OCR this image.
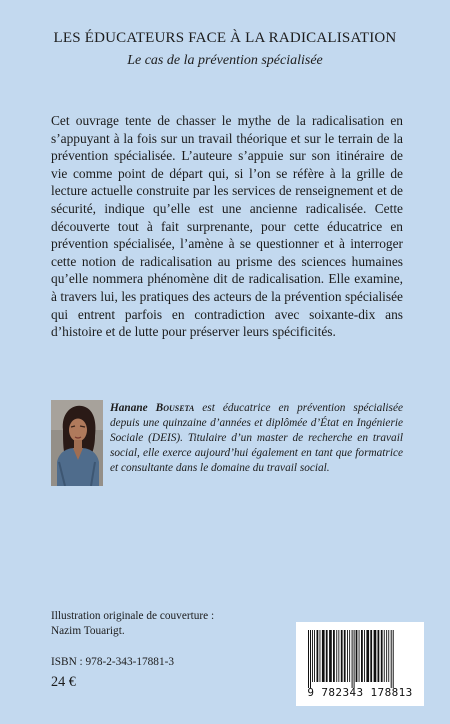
LES ÉDUCATEURS FACE À LA RADICALISATION
Le cas de la prévention spécialisée
Cet ouvrage tente de chasser le mythe de la radicalisation en s’appuyant à la fois sur un travail théorique et sur le terrain de la prévention spécialisée. L’auteure s’appuie sur son itinéraire de vie comme point de départ qui, si l’on se réfère à la grille de lecture actuelle construite par les services de renseignement et de sécurité, indique qu’elle est une ancienne radicalisée. Cette découverte tout à fait surprenante, pour cette éducatrice en prévention spécialisée, l’amène à se questionner et à interroger cette notion de radicalisation au prisme des sciences humaines qu’elle nommera phénomène dit de radicalisation. Elle examine, à travers lui, les pratiques des acteurs de la prévention spécialisée qui entrent parfois en contradiction avec soixante-dix ans d’histoire et de lutte pour préserver leurs spécificités.
Hanane Bouseta est éducatrice en prévention spécialisée depuis une quinzaine d’années et diplômée d’État en Ingénierie Sociale (DEIS). Titulaire d’un master de recherche en travail social, elle exerce aujourd’hui également en tant que formatrice et consultante dans le domaine du travail social.
Illustration originale de couverture :
Nazim Touarigt.
ISBN : 978-2-343-17881-3
24 €
9 782343 178813
